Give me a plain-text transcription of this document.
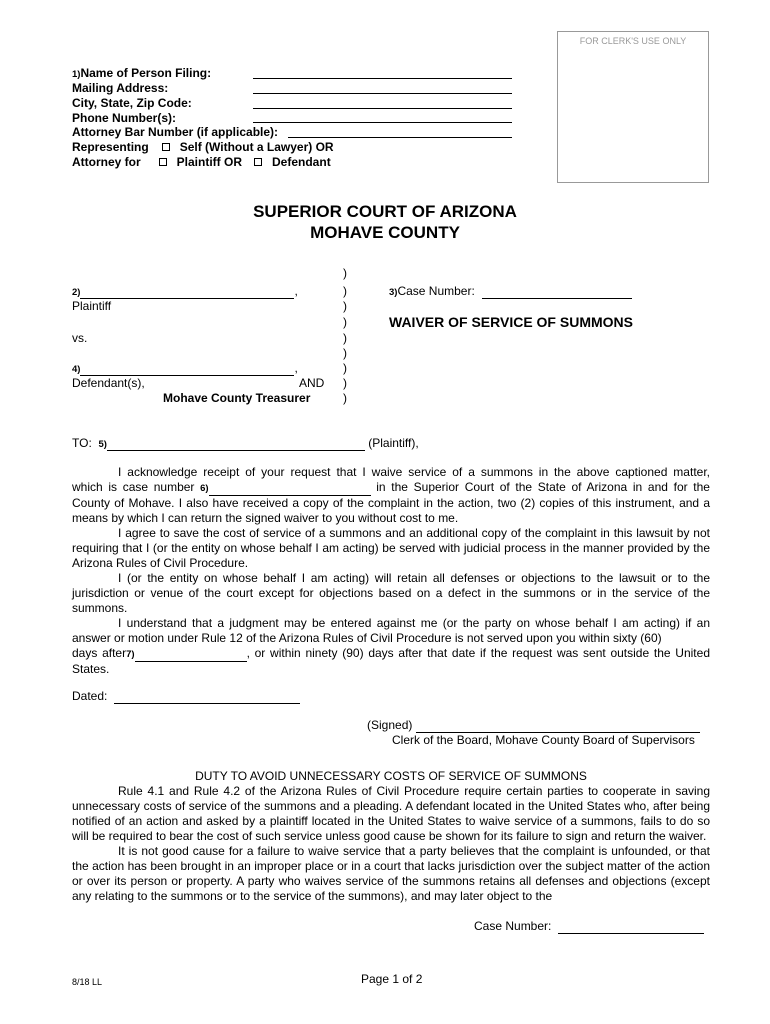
FOR CLERK'S USE ONLY
1)Name of Person Filing:
Mailing Address:
City, State, Zip Code:
Phone Number(s):
Attorney Bar Number (if applicable):
Representing	Self (Without a Lawyer) OR
Attorney for	Plaintiff OR	Defendant
SUPERIOR COURT OF ARIZONA
MOHAVE COUNTY
)
)
)
)
)
)
)
)
)
2)	,
Plaintiff
vs.
4)	,
Defendant(s),	AND
Mohave County Treasurer
3)Case Number:
WAIVER OF SERVICE OF SUMMONS
TO: 5)	(Plaintiff),

I acknowledge receipt of your request that I waive service of a summons in the above captioned matter,

which is case number 6)	in the Superior Court of the State of Arizona in and for the

County of Mohave. I also have received a copy of the complaint in the action, two (2) copies of this instrument, and a means by which I can return the signed waiver to you without cost to me.

I agree to save the cost of service of a summons and an additional copy of the complaint in this lawsuit by not requiring that I (or the entity on whose behalf I am acting) be served with judicial process in the manner provided by the Arizona Rules of Civil Procedure.

I (or the entity on whose behalf I am acting) will retain all defenses or objections to the lawsuit or to the jurisdiction or venue of the court except for objections based on a defect in the summons or in the service of the summons.

I understand that a judgment may be entered against me (or the party on whose behalf I am acting) if an answer or motion under Rule 12 of the Arizona Rules of Civil Procedure is not served upon you within sixty (60)

days after7)	, or within ninety (90) days after that date if the request was sent outside the United

States.

Dated:
(Signed)
Clerk of the Board, Mohave County Board of Supervisors

DUTY TO AVOID UNNECESSARY COSTS OF SERVICE OF SUMMONS

Rule 4.1 and Rule 4.2 of the Arizona Rules of Civil Procedure require certain parties to cooperate in saving unnecessary costs of service of the summons and a pleading. A defendant located in the United States who, after being notified of an action and asked by a plaintiff located in the United States to waive service of a summons, fails to do so will be required to bear the cost of such service unless good cause be shown for its failure to sign and return the waiver.

It is not good cause for a failure to waive service that a party believes that the complaint is unfounded, or that the action has been brought in an improper place or in a court that lacks jurisdiction over the subject matter of the action or over its person or property. A party who waives service of the summons retains all defenses and objections (except any relating to the summons or to the service of the summons), and may later object to the

Case Number:
8/18 LL	Page 1 of 2
